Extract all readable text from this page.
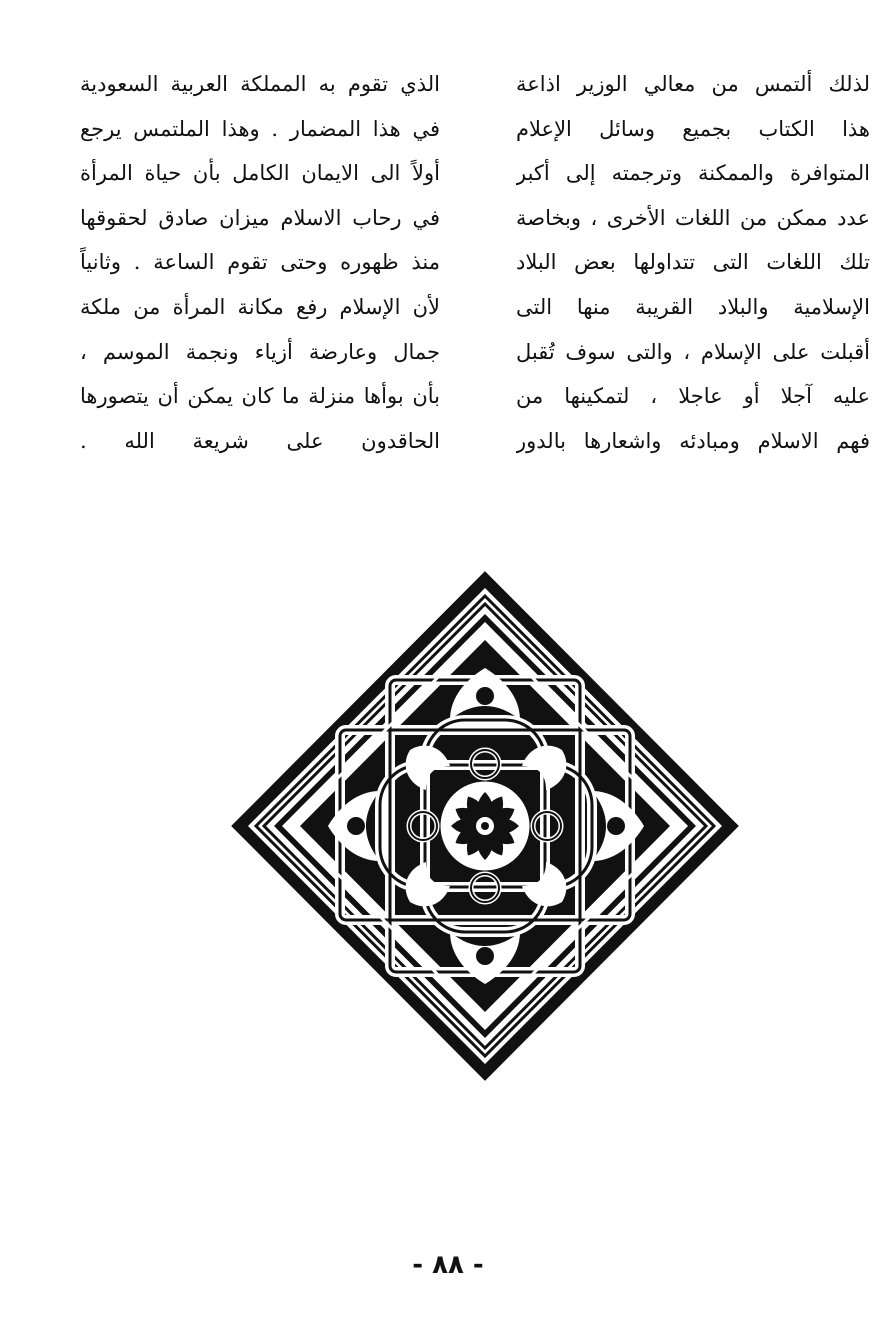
لذلك ألتمس من معالي الوزير اذاعة
هذا الكتاب بجميع وسائل الإعلام
المتوافرة والممكنة وترجمته إلى أكبر
عدد ممكن من اللغات الأخرى ، وبخاصة
تلك اللغات التى تتداولها بعض البلاد
الإسلامية والبلاد القريبة منها التى
أقبلت على الإسلام ، والتى سوف تُقبل
عليه آجلا أو عاجلا ، لتمكينها من
فهم الاسلام ومبادئه واشعارها بالدور
الذي تقوم به المملكة العربية السعودية
في هذا المضمار . وهذا الملتمس يرجع
أولاً الى الايمان الكامل بأن حياة المرأة
في رحاب الاسلام ميزان صادق لحقوقها
منذ ظهوره وحتى تقوم الساعة . وثانياً
لأن الإسلام رفع مكانة المرأة من ملكة
جمال وعارضة أزياء ونجمة الموسم ،
بأن بوأها منزلة ما كان يمكن أن يتصورها
الحاقدون على شريعة الله .
- ٨٨ -
